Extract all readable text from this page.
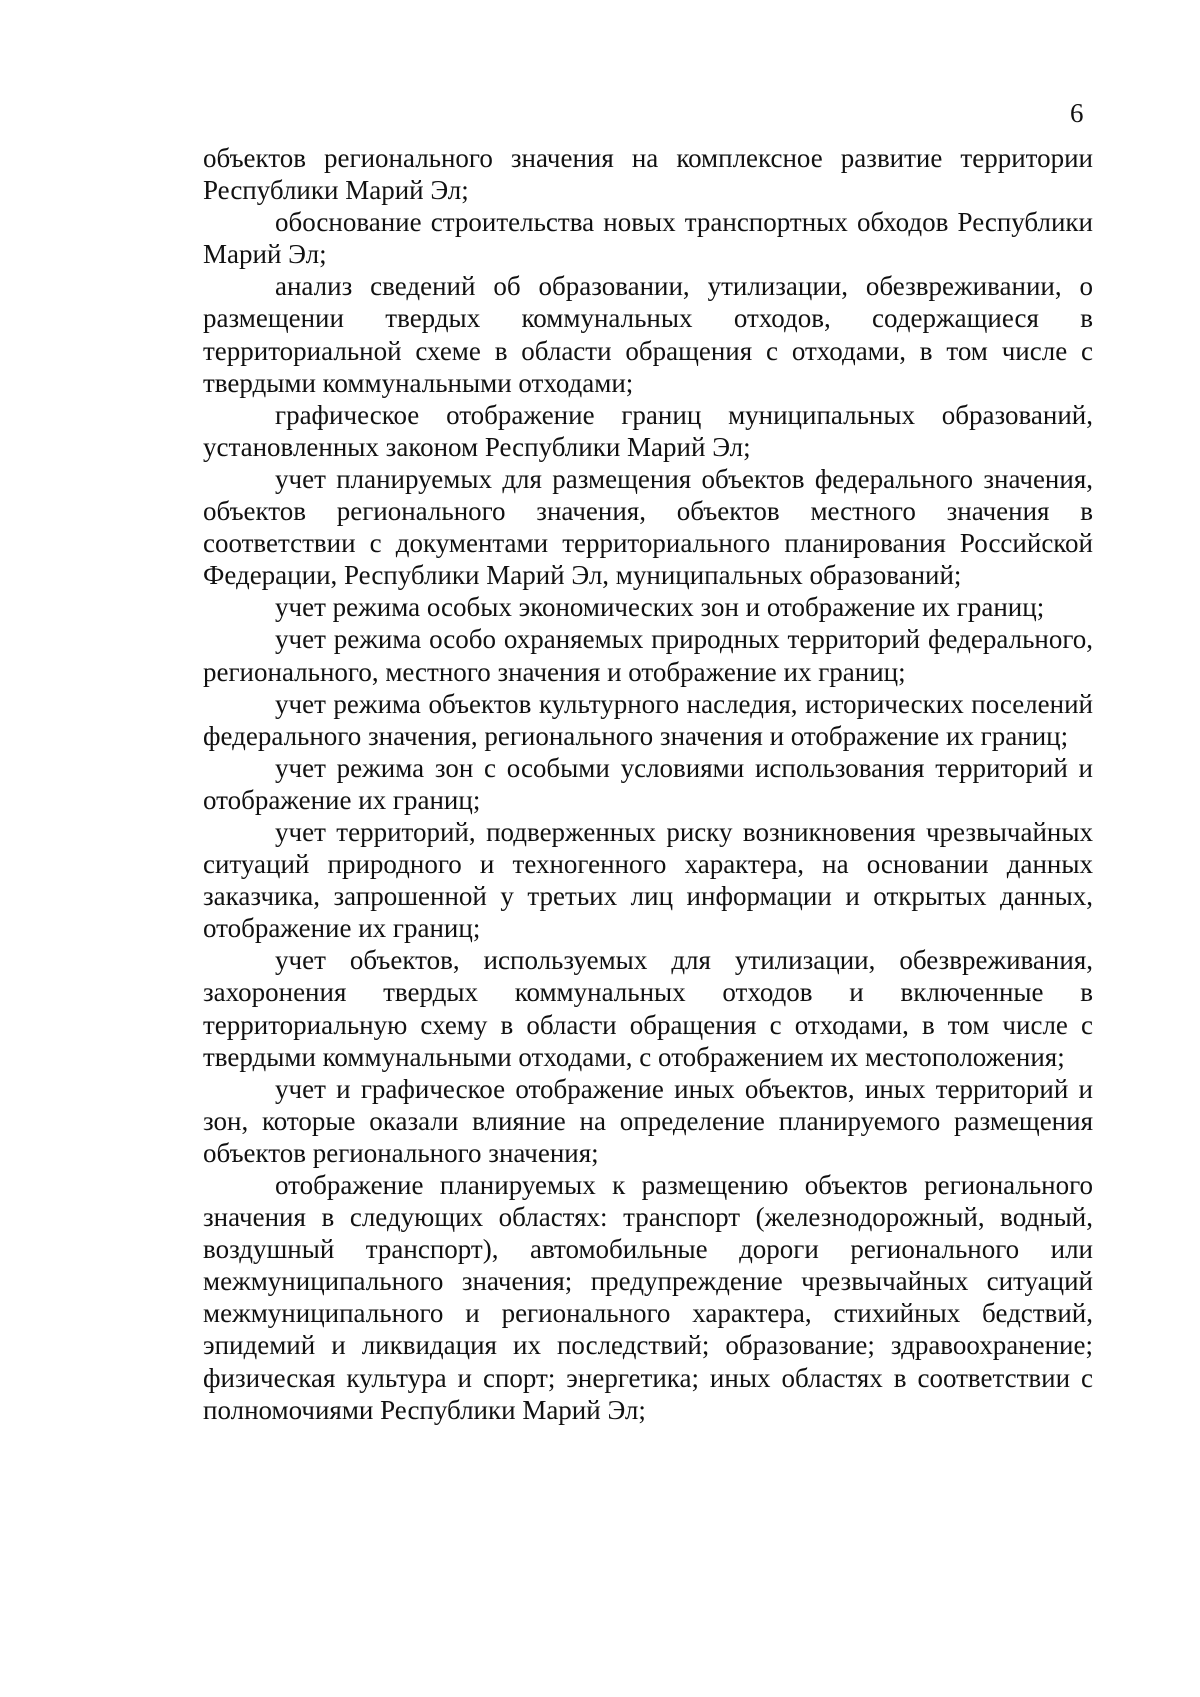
6

объектов регионального значения на комплексное развитие территории Республики Марий Эл;

обоснование строительства новых транспортных обходов Республики Марий Эл;

анализ сведений об образовании, утилизации, обезвреживании, о размещении твердых коммунальных отходов, содержащиеся в территориальной схеме в области обращения с отходами, в том числе с твердыми коммунальными отходами;

графическое отображение границ муниципальных образований, установленных законом Республики Марий Эл;

учет планируемых для размещения объектов федерального значения, объектов регионального значения, объектов местного значения в соответствии с документами территориального планирования Российской Федерации, Республики Марий Эл, муниципальных образований;

учет режима особых экономических зон и отображение их границ;

учет режима особо охраняемых природных территорий федерального, регионального, местного значения и отображение их границ;

учет режима объектов культурного наследия, исторических поселений федерального значения, регионального значения и отображение их границ;

учет режима зон с особыми условиями использования территорий и отображение их границ;

учет территорий, подверженных риску возникновения чрезвычайных ситуаций природного и техногенного характера, на основании данных заказчика, запрошенной у третьих лиц информации и открытых данных, отображение их границ;

учет объектов, используемых для утилизации, обезвреживания, захоронения твердых коммунальных отходов и включенные в территориальную схему в области обращения с отходами, в том числе с твердыми коммунальными отходами, с отображением их местоположения;

учет и графическое отображение иных объектов, иных территорий и зон, которые оказали влияние на определение планируемого размещения объектов регионального значения;

отображение планируемых к размещению объектов регионального значения в следующих областях: транспорт (железнодорожный, водный, воздушный транспорт), автомобильные дороги регионального или межмуниципального значения; предупреждение чрезвычайных ситуаций межмуниципального и регионального характера, стихийных бедствий, эпидемий и ликвидация их последствий; образование; здравоохранение; физическая культура и спорт; энергетика; иных областях в соответствии с полномочиями Республики Марий Эл;
